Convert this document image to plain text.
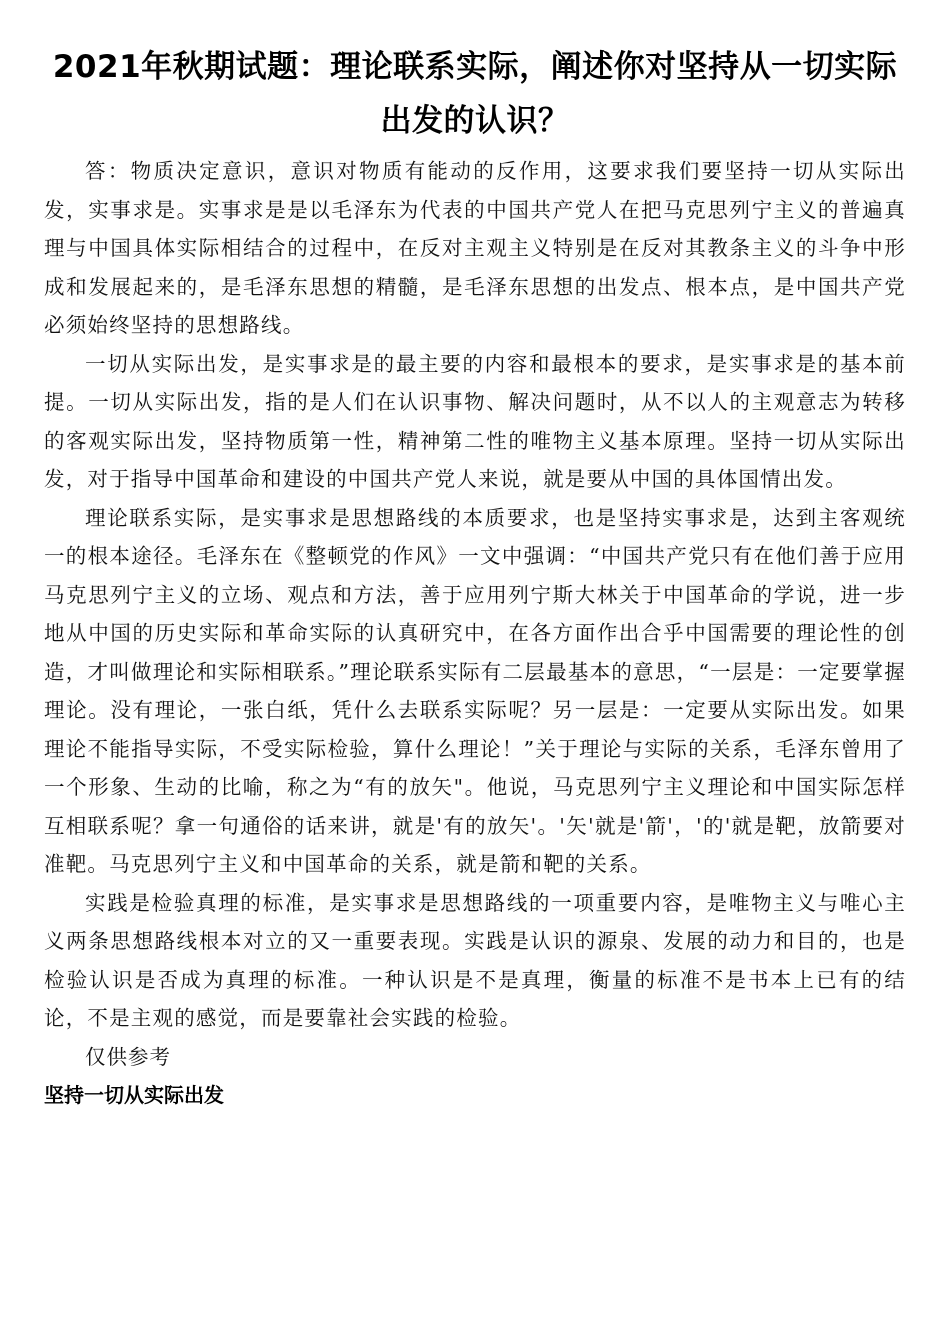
2021年秋期试题：理论联系实际，阐述你对坚持从一切实际出发的认识？

答：物质决定意识，意识对物质有能动的反作用，这要求我们要坚持一切从实际出发，实事求是。实事求是是以毛泽东为代表的中国共产党人在把马克思列宁主义的普遍真理与中国具体实际相结合的过程中，在反对主观主义特别是在反对其教条主义的斗争中形成和发展起来的，是毛泽东思想的精髓，是毛泽东思想的出发点、根本点，是中国共产党必须始终坚持的思想路线。

一切从实际出发，是实事求是的最主要的内容和最根本的要求，是实事求是的基本前提。一切从实际出发，指的是人们在认识事物、解决问题时，从不以人的主观意志为转移的客观实际出发，坚持物质第一性，精神第二性的唯物主义基本原理。坚持一切从实际出发，对于指导中国革命和建设的中国共产党人来说，就是要从中国的具体国情出发。

理论联系实际，是实事求是思想路线的本质要求，也是坚持实事求是，达到主客观统一的根本途径。毛泽东在《整顿党的作风》一文中强调：“中国共产党只有在他们善于应用马克思列宁主义的立场、观点和方法，善于应用列宁斯大林关于中国革命的学说，进一步地从中国的历史实际和革命实际的认真研究中，在各方面作出合乎中国需要的理论性的创造，才叫做理论和实际相联系。”理论联系实际有二层最基本的意思，“一层是：一定要掌握理论。没有理论，一张白纸，凭什么去联系实际呢？另一层是：一定要从实际出发。如果理论不能指导实际，不受实际检验，算什么理论！”关于理论与实际的关系，毛泽东曾用了一个形象、生动的比喻，称之为“有的放矢"。他说，马克思列宁主义理论和中国实际怎样互相联系呢？拿一句通俗的话来讲，就是'有的放矢'。'矢'就是'箭'，'的'就是靶，放箭要对准靶。马克思列宁主义和中国革命的关系，就是箭和靶的关系。

实践是检验真理的标准，是实事求是思想路线的一项重要内容，是唯物主义与唯心主义两条思想路线根本对立的又一重要表现。实践是认识的源泉、发展的动力和目的，也是检验认识是否成为真理的标准。一种认识是不是真理，衡量的标准不是书本上已有的结论，不是主观的感觉，而是要靠社会实践的检验。

仅供参考

坚持一切从实际出发
